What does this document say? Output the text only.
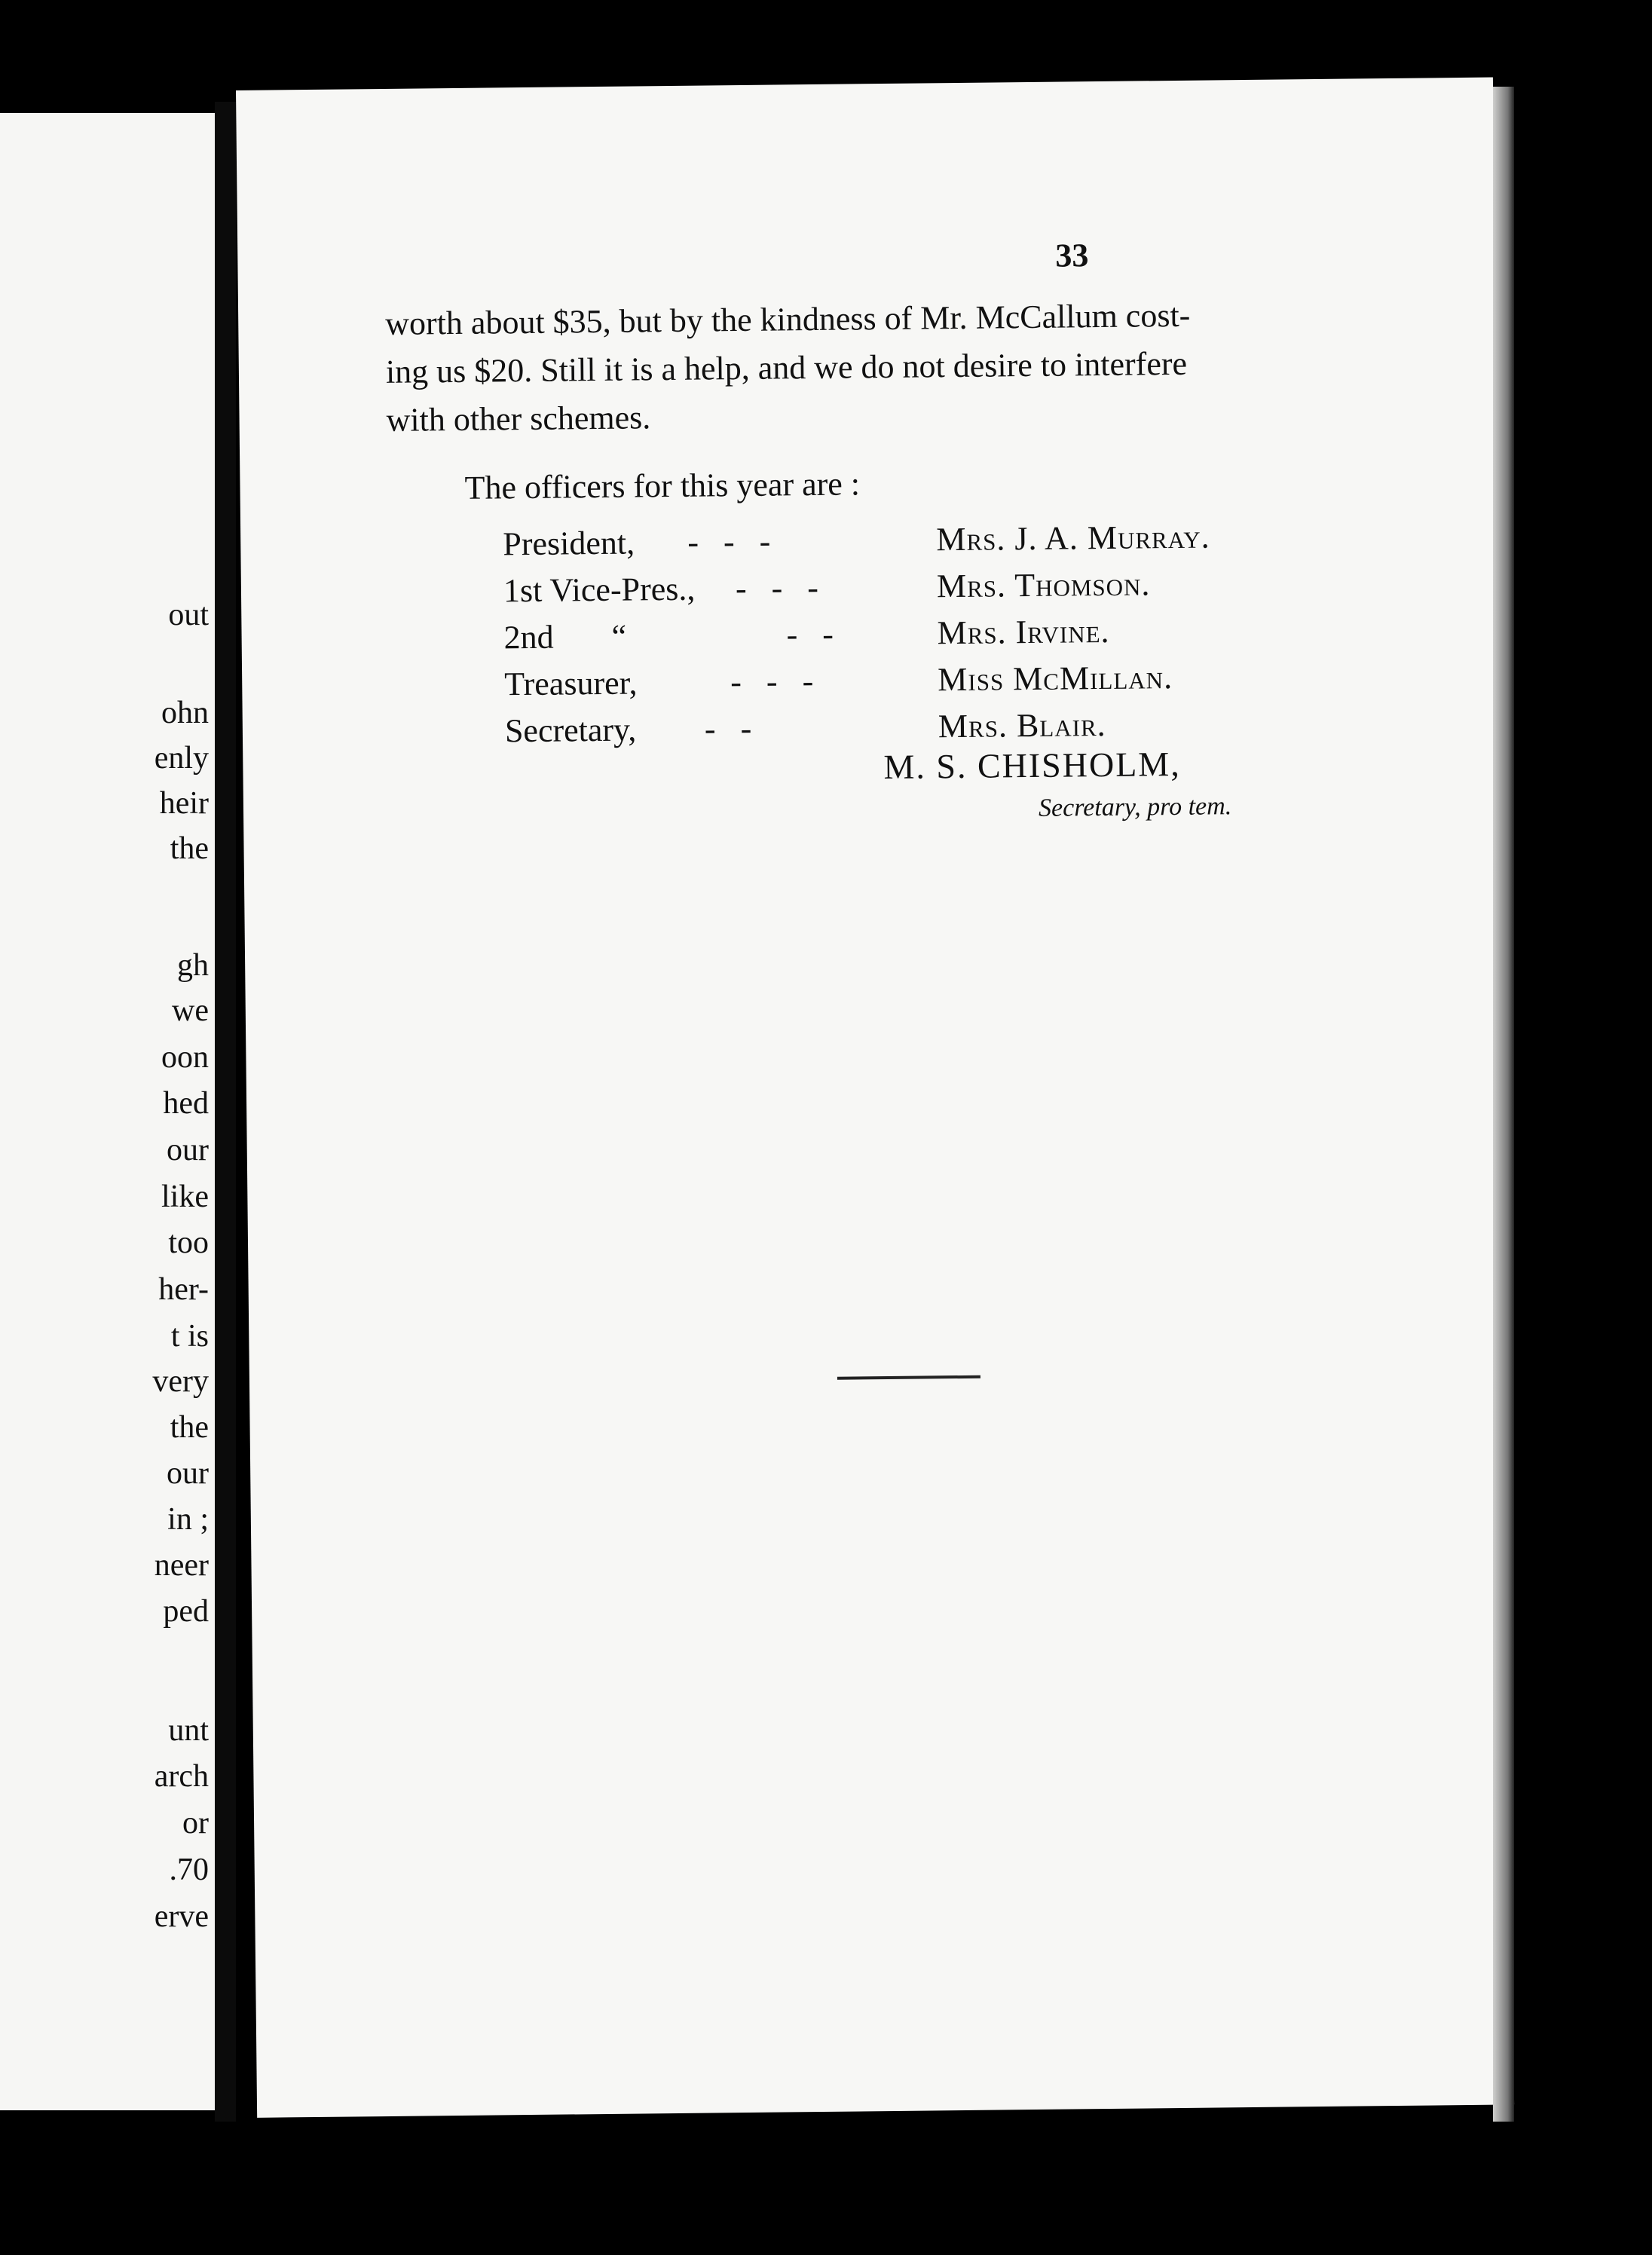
out
ohn
enly
heir
the
gh
we
oon
hed
our
like
too
her-
t is
very
the
our
in ;
neer
ped
unt
arch
or
.70
erve
33

worth about $35, but by the kindness of Mr. McCallum cost-

ing us $20. Still it is a help, and we do not desire to interfere

with other schemes.

The officers for this year are :
President, -   -   -	Mrs. J. A. Murray.
1st Vice-Pres., -   -   -	Mrs. Thomson.
2nd       “	-   -	Mrs. Irvine.
Treasurer,	-   -   -	Miss McMillan.
Secretary, -   -	Mrs. Blair.
M. S. CHISHOLM,
Secretary, pro tem.
